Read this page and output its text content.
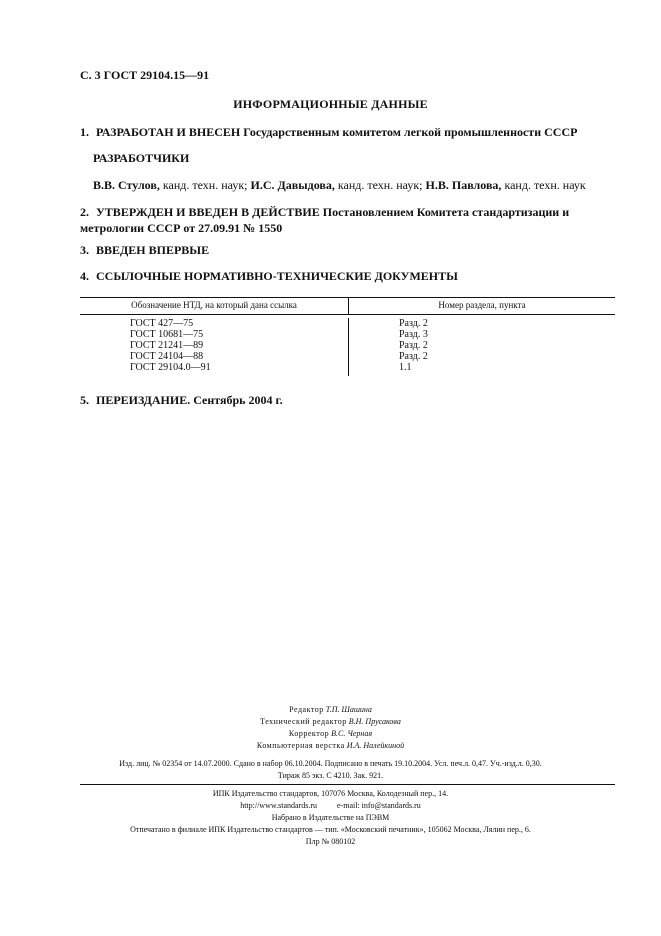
С. 3 ГОСТ 29104.15—91
ИНФОРМАЦИОННЫЕ ДАННЫЕ
1. РАЗРАБОТАН И ВНЕСЕН Государственным комитетом легкой промышленности СССР
РАЗРАБОТЧИКИ
В.В. Стулов, канд. техн. наук; И.С. Давыдова, канд. техн. наук; Н.В. Павлова, канд. техн. наук
2. УТВЕРЖДЕН И ВВЕДЕН В ДЕЙСТВИЕ Постановлением Комитета стандартизации и метрологии СССР от 27.09.91 № 1550
3. ВВЕДЕН ВПЕРВЫЕ
4. ССЫЛОЧНЫЕ НОРМАТИВНО-ТЕХНИЧЕСКИЕ ДОКУМЕНТЫ
Обозначение НТД, на который дана ссылка	Номер раздела, пункта

ГОСТ 427—75	Разд. 2
ГОСТ 10681—75	Разд. 3
ГОСТ 21241—89	Разд. 2
ГОСТ 24104—88	Разд. 2
ГОСТ 29104.0—91	1.1
5. ПЕРЕИЗДАНИЕ. Сентябрь 2004 г.
Редактор Т.П. Шашина
Технический редактор В.Н. Прусакова
Корректор В.С. Черная
Компьютерная верстка И.А. Налейкиной
Изд. лиц. № 02354 от 14.07.2000. Сдано в набор 06.10.2004. Подписано в печать 19.10.2004. Усл. печ.л. 0,47. Уч.-изд.л. 0,30.
Тираж 85 экз. С 4210. Зак. 921.
ИПК Издательство стандартов, 107076 Москва, Колодезный пер., 14.
http://www.standards.ru	e-mail: info@standards.ru
Набрано в Издательстве на ПЭВМ
Отпечатано в филиале ИПК Издательство стандартов — тип. «Московский печатник», 105062 Москва, Лялин пер., 6.
Плр № 080102
